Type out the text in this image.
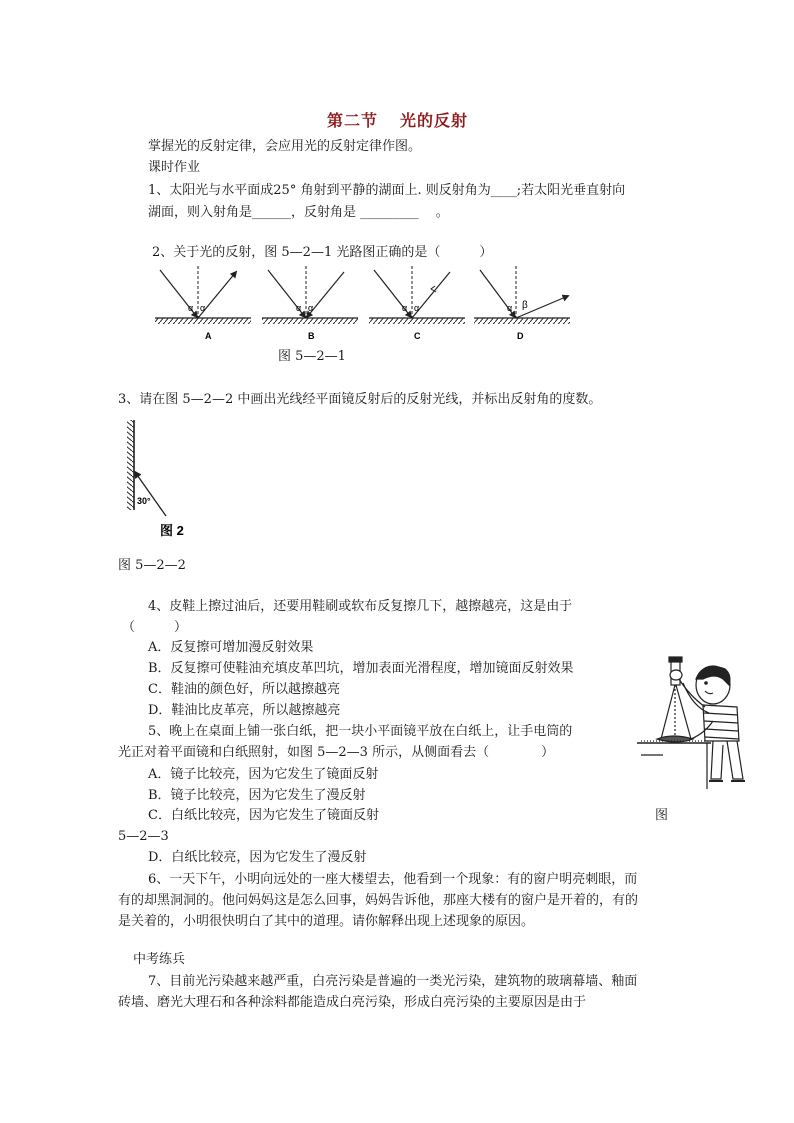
第二节 光的反射
掌握光的反射定律，会应用光的反射定律作图。
课时作业
1、太阳光与水平面成25° 角射到平静的湖面上. 则反射角为____;若太阳光垂直射向
湖面，则入射角是______，反射角是 _________　 。
2、关于光的反射，图 5—2—1 光路图正确的是（　　　）
α α
A
α α
B
α α
C
α β
D
图 5—2—1
3、请在图 5—2—2 中画出光线经平面镜反射后的反射光线，并标出反射角的度数。
30°
图 2
图 5—2—2
4、皮鞋上擦过油后，还要用鞋刷或软布反复擦几下，越擦越亮，这是由于
（　　　）
A．反复擦可增加漫反射效果
B．反复擦可使鞋油充填皮革凹坑，增加表面光滑程度，增加镜面反射效果
C．鞋油的颜色好，所以越擦越亮
D．鞋油比皮革亮，所以越擦越亮
5、晚上在桌面上铺一张白纸，把一块小平面镜平放在白纸上，让手电筒的
光正对着平面镜和白纸照射，如图 5—2—3 所示，从侧面看去（　　　　）
A．镜子比较亮，因为它发生了镜面反射
B．镜子比较亮，因为它发生了漫反射
C．白纸比较亮，因为它发生了镜面反射	图
5—2—3
D．白纸比较亮，因为它发生了漫反射
6、一天下午，小明向远处的一座大楼望去，他看到一个现象：有的窗户明亮刺眼，而
有的却黑洞洞的。他问妈妈这是怎么回事，妈妈告诉他，那座大楼有的窗户是开着的，有的
是关着的，小明很快明白了其中的道理。请你解释出现上述现象的原因。
中考练兵
7、目前光污染越来越严重，白亮污染是普遍的一类光污染，建筑物的玻璃幕墙、釉面
砖墙、磨光大理石和各种涂料都能造成白亮污染，形成白亮污染的主要原因是由于
